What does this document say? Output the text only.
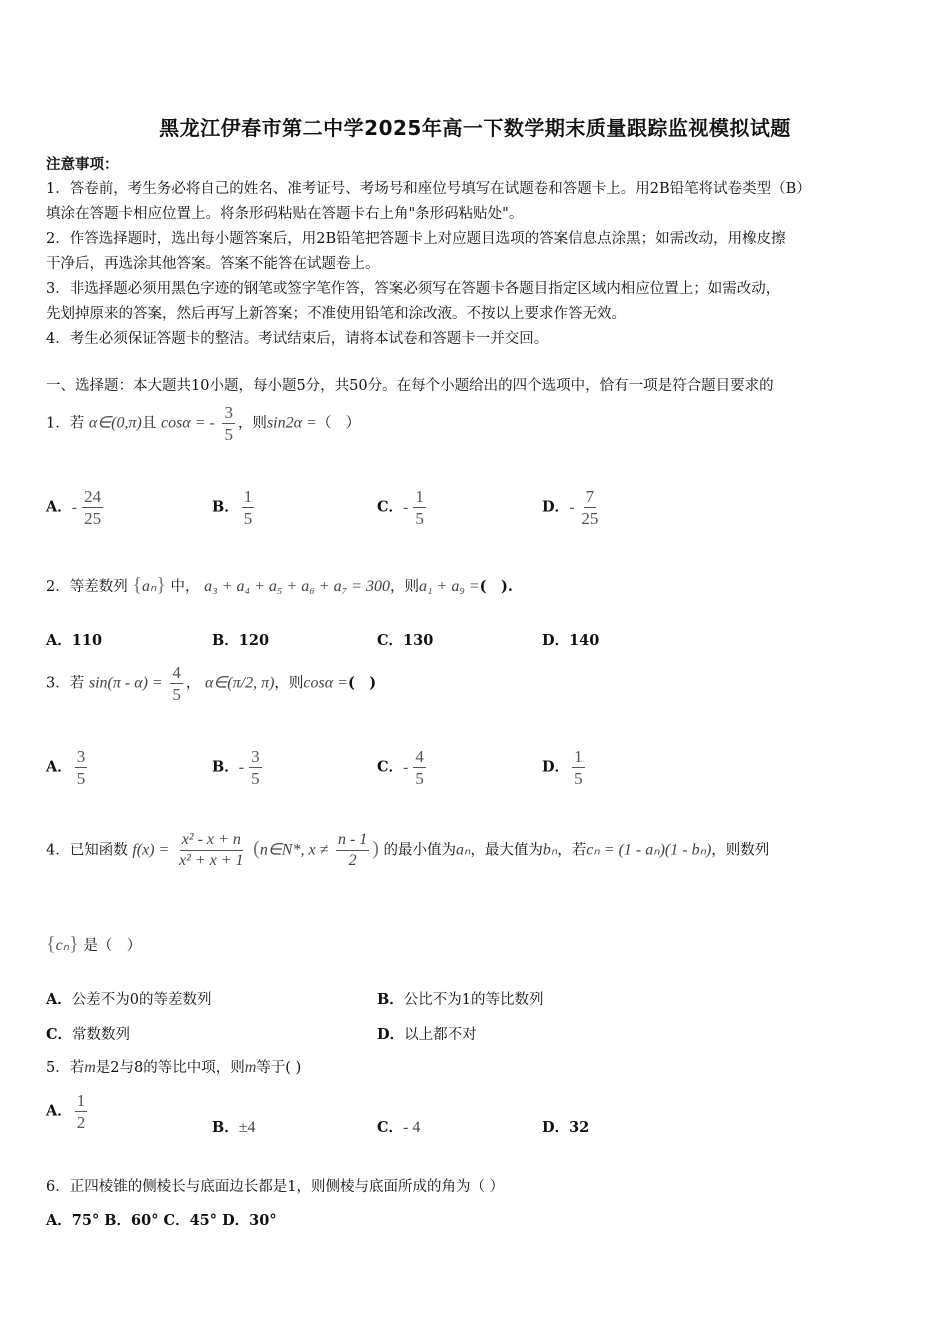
黑龙江伊春市第二中学2025年高一下数学期末质量跟踪监视模拟试题

注意事项：

1．答卷前，考生务必将自己的姓名、准考证号、考场号和座位号填写在试题卷和答题卡上。用2B铅笔将试卷类型（B）

填涂在答题卡相应位置上。将条形码粘贴在答题卡右上角"条形码粘贴处"。

2．作答选择题时，选出每小题答案后，用2B铅笔把答题卡上对应题目选项的答案信息点涂黑；如需改动，用橡皮擦

干净后，再选涂其他答案。答案不能答在试题卷上。

3．非选择题必须用黑色字迹的钢笔或签字笔作答，答案必须写在答题卡各题目指定区域内相应位置上；如需改动，

先划掉原来的答案，然后再写上新答案；不准使用铅笔和涂改液。不按以上要求作答无效。

4．考生必须保证答题卡的整洁。考试结束后，请将本试卷和答题卡一并交回。

一、选择题：本大题共10小题，每小题5分，共50分。在每个小题给出的四个选项中，恰有一项是符合题目要求的
1．若 α∈(0,π)且 cosα = - $\frac{3}{5}$ ，则sin2α =（　）
A．- $\frac{24}{25}$	B． $\frac{1}{5}$	C．- $\frac{1}{5}$	D．- $\frac{7}{25}$
2．等差数列 {aₙ} 中， a₃ + a₄ + a₅ + a₆ + a₇ = 300，则a₁ + a₉ =(　).
A．110	B．120	C．130	D．140
3．若 $\sin(\pi - \alpha) = \frac{4}{5}$ ， α∈(π/2, π)，则cosα =(　)
A． $\frac{3}{5}$	B．- $\frac{3}{5}$	C．- $\frac{4}{5}$	D． $\frac{1}{5}$
4．已知函数 $f(x) = \frac{\text{x² - x + n}}{\text{x² + x + 1}}$ (n∈N*, $x \ne \frac{n - 1}{2}$ ) 的最小值为aₙ，最大值为bₙ，若cₙ = (1 - aₙ)(1 - bₙ)，则数列
{cₙ} 是（　）
A．公差不为0的等差数列	B．公比不为1的等比数列
C．常数数列	D．以上都不对
5．若m是2与8的等比中项，则m等于( )
A． $\frac{1}{2}$	B．±4	C．- 4	D．32
6．正四棱锥的侧棱长与底面边长都是1，则侧棱与底面所成的角为（ ）
A．75° B．60° C．45° D．30°
